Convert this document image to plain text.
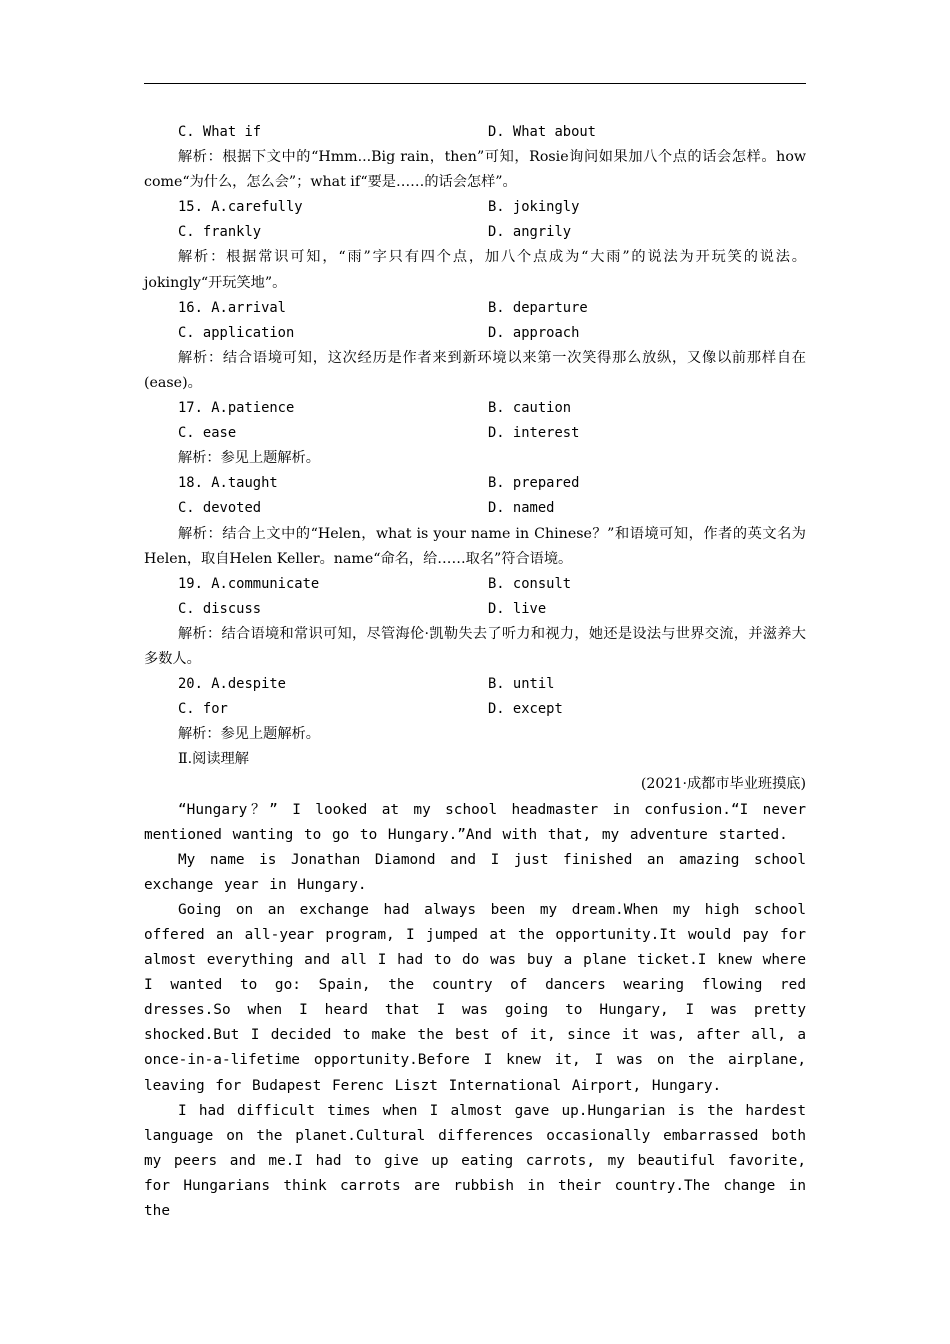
C. What if	D. What about

解析：根据下文中的“Hmm...Big rain，then”可知，Rosie询问如果加八个点的话会怎样。how come“为什么，怎么会”；what if“要是……的话会怎样”。

15. A.carefully	B. jokingly
C. frankly	D. angrily

解析：根据常识可知，“雨”字只有四个点，加八个点成为“大雨”的说法为开玩笑的说法。jokingly“开玩笑地”。

16. A.arrival	B. departure
C. application	D. approach

解析：结合语境可知，这次经历是作者来到新环境以来第一次笑得那么放纵，又像以前那样自在(ease)。

17. A.patience	B. caution
C. ease	D. interest

解析：参见上题解析。

18. A.taught	B. prepared
C. devoted	D. named

解析：结合上文中的“Helen，what is your name in Chinese？”和语境可知，作者的英文名为Helen，取自Helen Keller。name“命名，给……取名”符合语境。

19. A.communicate	B. consult
C. discuss	D. live

解析：结合语境和常识可知，尽管海伦·凯勒失去了听力和视力，她还是设法与世界交流，并滋养大多数人。

20. A.despite	B. until
C. for	D. except

解析：参见上题解析。

Ⅱ.阅读理解

(2021·成都市毕业班摸底)

“Hungary？” I looked at my school headmaster in confusion.“I never mentioned wanting to go to Hungary.”And with that, my adventure started.

My name is Jonathan Diamond and I just finished an amazing school exchange year in Hungary.

Going on an exchange had always been my dream.When my high school offered an all-year program, I jumped at the opportunity.It would pay for almost everything and all I had to do was buy a plane ticket.I knew where I wanted to go: Spain, the country of dancers wearing flowing red dresses.So when I heard that I was going to Hungary, I was pretty shocked.But I decided to make the best of it, since it was, after all, a once-in-a-lifetime opportunity.Before I knew it, I was on the airplane, leaving for Budapest Ferenc Liszt International Airport, Hungary.

I had difficult times when I almost gave up.Hungarian is the hardest language on the planet.Cultural differences occasionally embarrassed both my peers and me.I had to give up eating carrots, my beautiful favorite, for Hungarians think carrots are rubbish in their country.The change in the
